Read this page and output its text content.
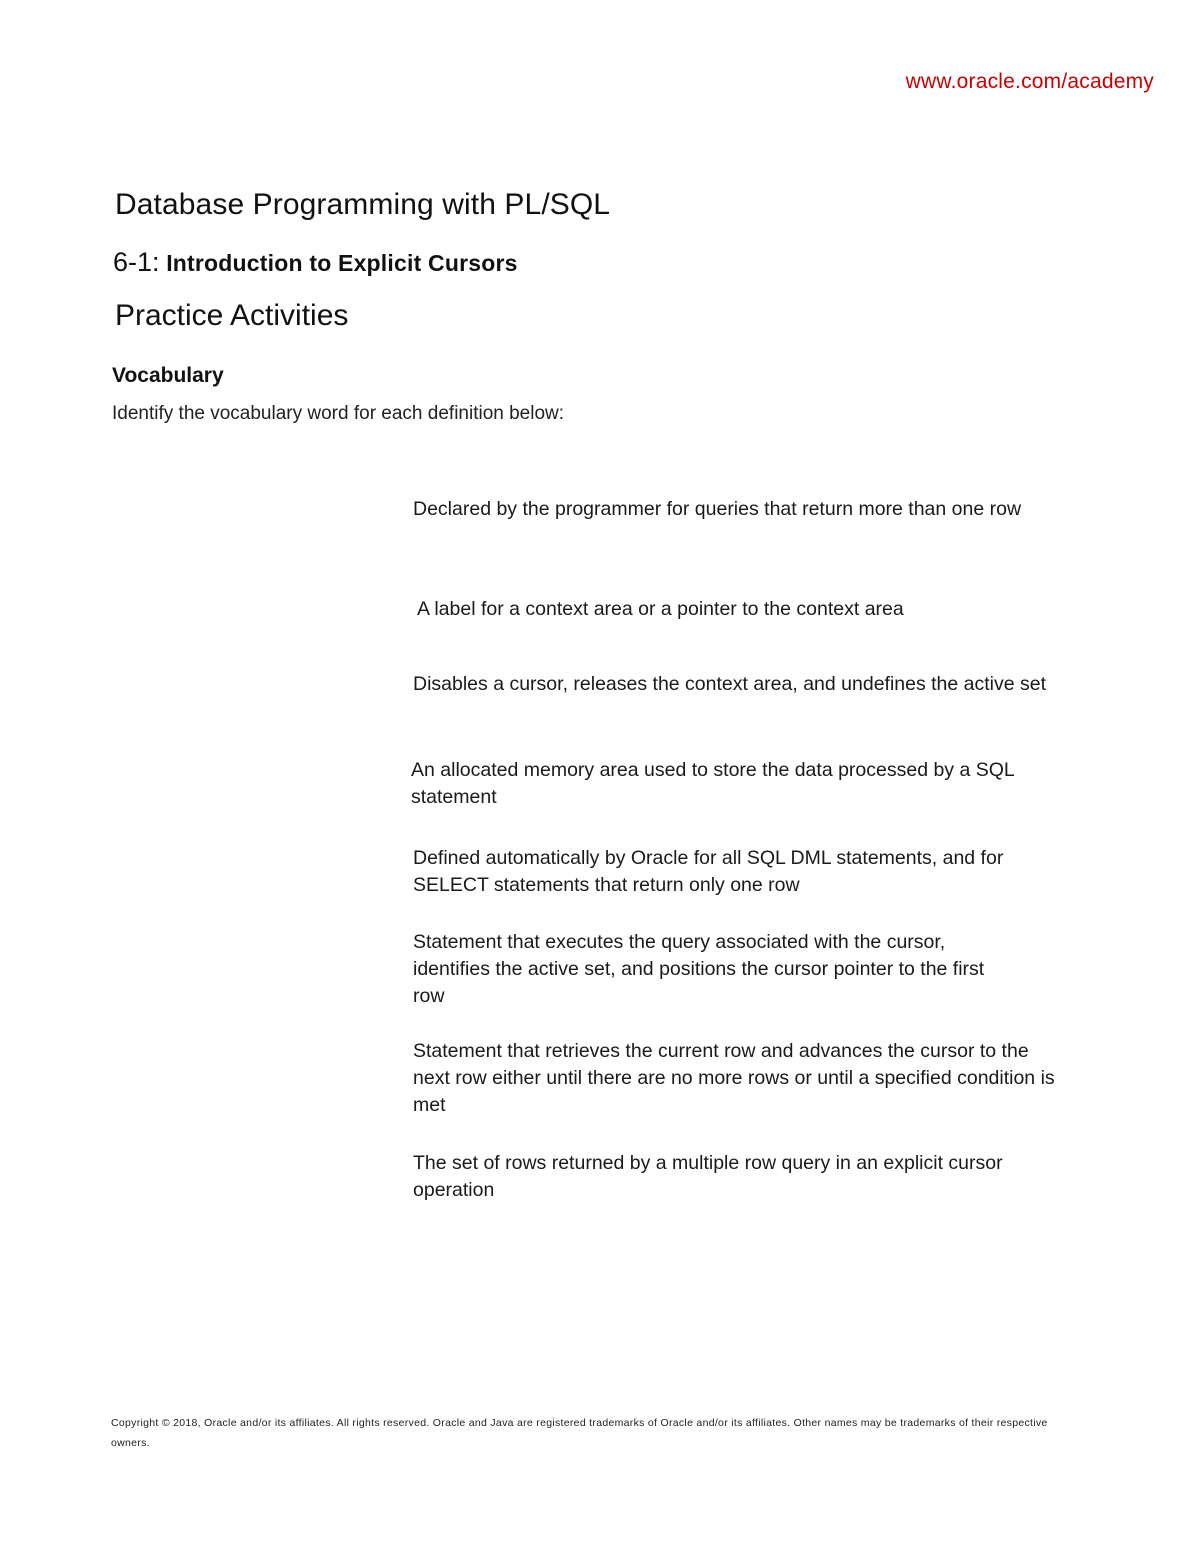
www.oracle.com/academy
Database Programming with PL/SQL
6-1: Introduction to Explicit Cursors
Practice Activities
Vocabulary

Identify the vocabulary word for each definition below:

Declared by the programmer for queries that return more than one row

A label for a context area or a pointer to the context area

Disables a cursor, releases the context area, and undefines the active set

An allocated memory area used to store the data processed by a SQL statement

Defined automatically by Oracle for all SQL DML statements, and for SELECT statements that return only one row

Statement that executes the query associated with the cursor, identifies the active set, and positions the cursor pointer to the first row

Statement that retrieves the current row and advances the cursor to the next row either until there are no more rows or until a specified condition is met

The set of rows returned by a multiple row query in an explicit cursor operation

Copyright © 2018, Oracle and/or its affiliates. All rights reserved. Oracle and Java are registered trademarks of Oracle and/or its affiliates. Other names may be trademarks of their respective owners.
